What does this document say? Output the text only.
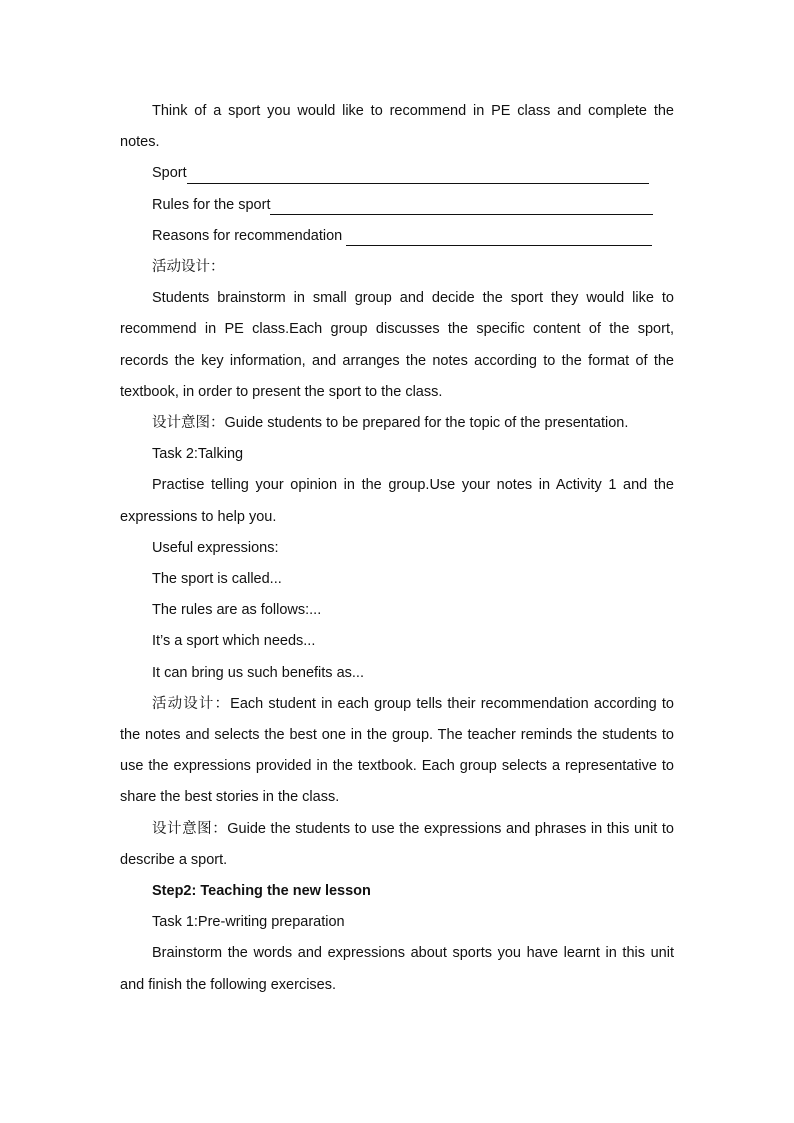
Think of a sport you would like to recommend in PE class and complete the notes.

Sport

Rules for the sport

Reasons for recommendation

活动设计：

Students brainstorm in small group and decide the sport they would like to recommend in PE class.Each group discusses the specific content of the sport, records the key information, and arranges the notes according to the format of the textbook, in order to present the sport to the class.

设计意图：Guide students to be prepared for the topic of the presentation.

Task 2:Talking

Practise telling your opinion in the group.Use your notes in Activity 1 and the expressions to help you.

Useful expressions:

The sport is called...

The rules are as follows:...

It’s a sport which needs...

It can bring us such benefits as...

活动设计：Each student in each group tells their recommendation according to the notes and selects the best one in the group. The teacher reminds the students to use the expressions provided in the textbook. Each group selects a representative to share the best stories in the class.

设计意图：Guide the students to use the expressions and phrases in this unit to describe a sport.

Step2: Teaching the new lesson

Task 1:Pre-writing preparation

Brainstorm the words and expressions about sports you have learnt in this unit and finish the following exercises.
